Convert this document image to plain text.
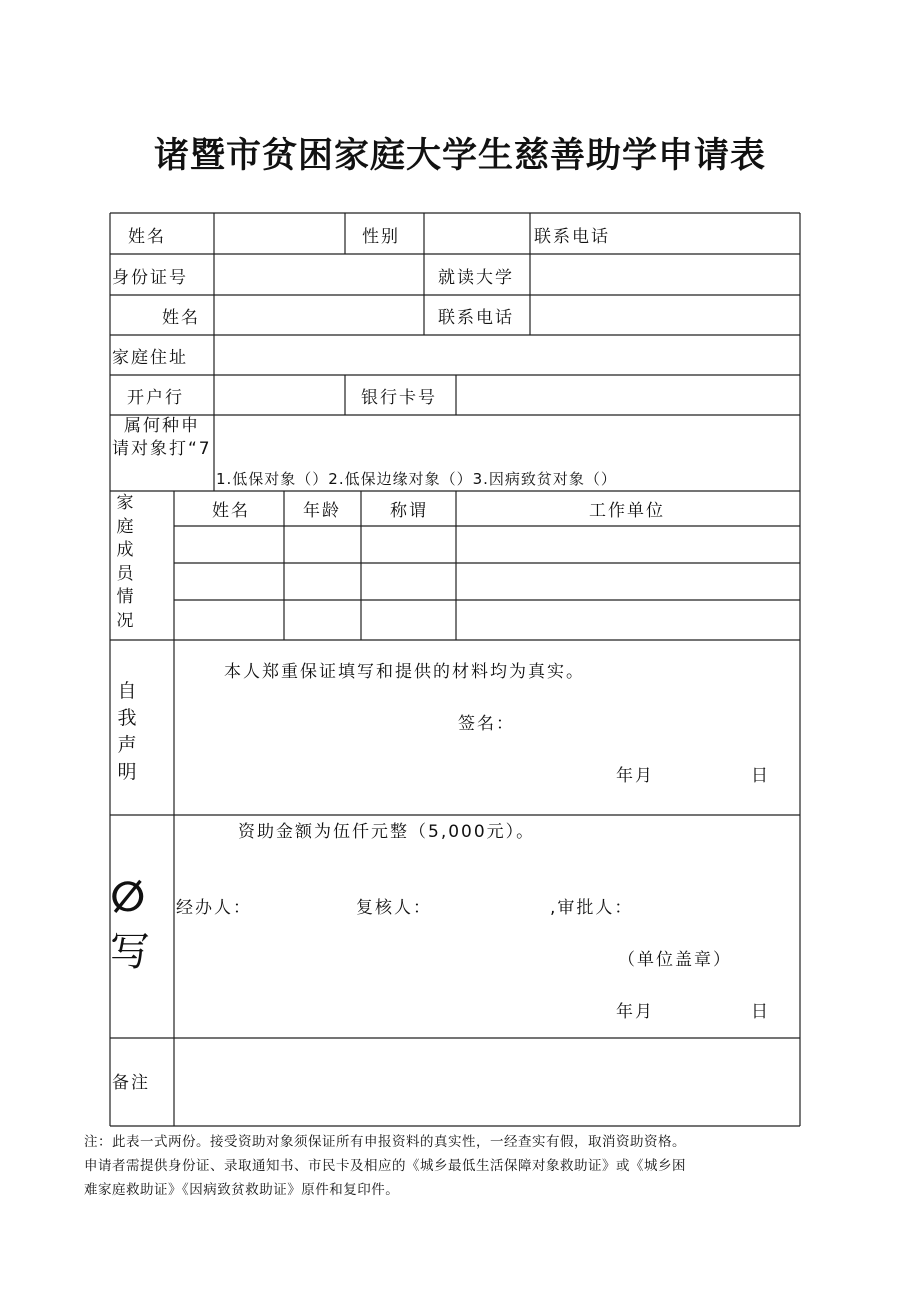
诸暨市贫困家庭大学生慈善助学申请表
姓名	性别	联系电话
身份证号	就读大学
姓名	联系电话
家庭住址
开户行	银行卡号
属何种申
请对象打“7
1.低保对象（）2.低保边缘对象（）3.因病致贫对象（）
家庭成员情况
姓名	年龄	称谓	工作单位
自我声明
本人郑重保证填写和提供的材料均为真实。
签名：
年月	日
ⵁ
写
资助金额为伍仟元整（5,000元）。
经办人：	复核人：	,审批人：
（单位盖章）
年月	日
备注
注：此表一式两份。接受资助对象须保证所有申报资料的真实性，一经查实有假，取消资助资格。
申请者需提供身份证、录取通知书、市民卡及相应的《城乡最低生活保障对象救助证》或《城乡困
难家庭救助证》《因病致贫救助证》原件和复印件。
